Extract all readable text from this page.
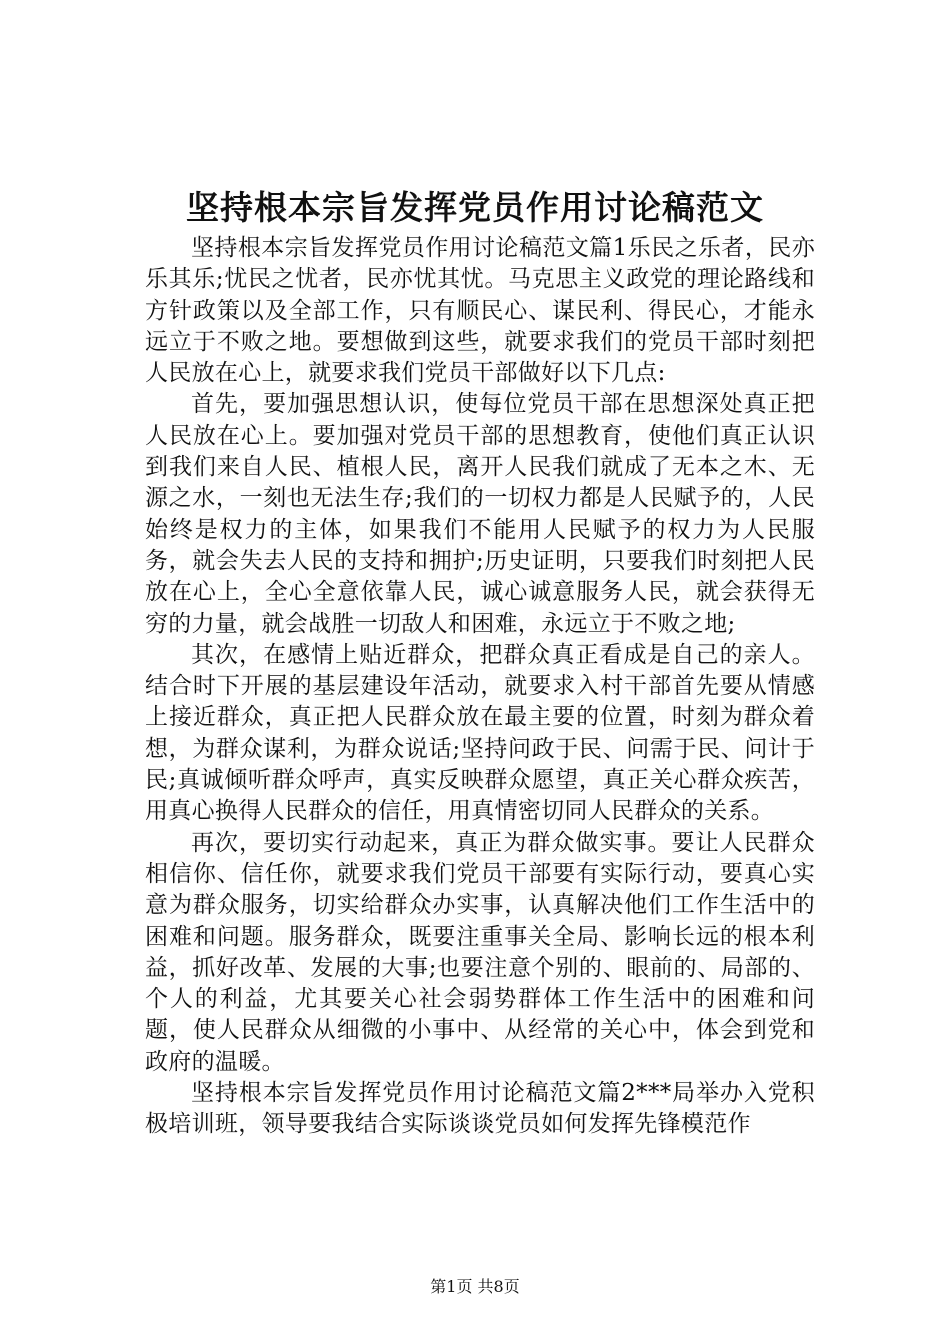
坚持根本宗旨发挥党员作用讨论稿范文

坚持根本宗旨发挥党员作用讨论稿范文篇1乐民之乐者，民亦乐其乐;忧民之忧者，民亦忧其忧。马克思主义政党的理论路线和方针政策以及全部工作，只有顺民心、谋民利、得民心，才能永远立于不败之地。要想做到这些，就要求我们的党员干部时刻把人民放在心上，就要求我们党员干部做好以下几点:

首先，要加强思想认识，使每位党员干部在思想深处真正把人民放在心上。要加强对党员干部的思想教育，使他们真正认识到我们来自人民、植根人民，离开人民我们就成了无本之木、无源之水，一刻也无法生存;我们的一切权力都是人民赋予的，人民始终是权力的主体，如果我们不能用人民赋予的权力为人民服务，就会失去人民的支持和拥护;历史证明，只要我们时刻把人民放在心上，全心全意依靠人民，诚心诚意服务人民，就会获得无穷的力量，就会战胜一切敌人和困难，永远立于不败之地;

其次，在感情上贴近群众，把群众真正看成是自己的亲人。结合时下开展的基层建设年活动，就要求入村干部首先要从情感上接近群众，真正把人民群众放在最主要的位置，时刻为群众着想，为群众谋利，为群众说话;坚持问政于民、问需于民、问计于民;真诚倾听群众呼声，真实反映群众愿望，真正关心群众疾苦，用真心换得人民群众的信任，用真情密切同人民群众的关系。

再次，要切实行动起来，真正为群众做实事。要让人民群众相信你、信任你，就要求我们党员干部要有实际行动，要真心实意为群众服务，切实给群众办实事，认真解决他们工作生活中的困难和问题。服务群众，既要注重事关全局、影响长远的根本利益，抓好改革、发展的大事;也要注意个别的、眼前的、局部的、个人的利益，尤其要关心社会弱势群体工作生活中的困难和问题，使人民群众从细微的小事中、从经常的关心中，体会到党和政府的温暖。

坚持根本宗旨发挥党员作用讨论稿范文篇2***局举办入党积极培训班，领导要我结合实际谈谈党员如何发挥先锋模范作

第1页 共8页
